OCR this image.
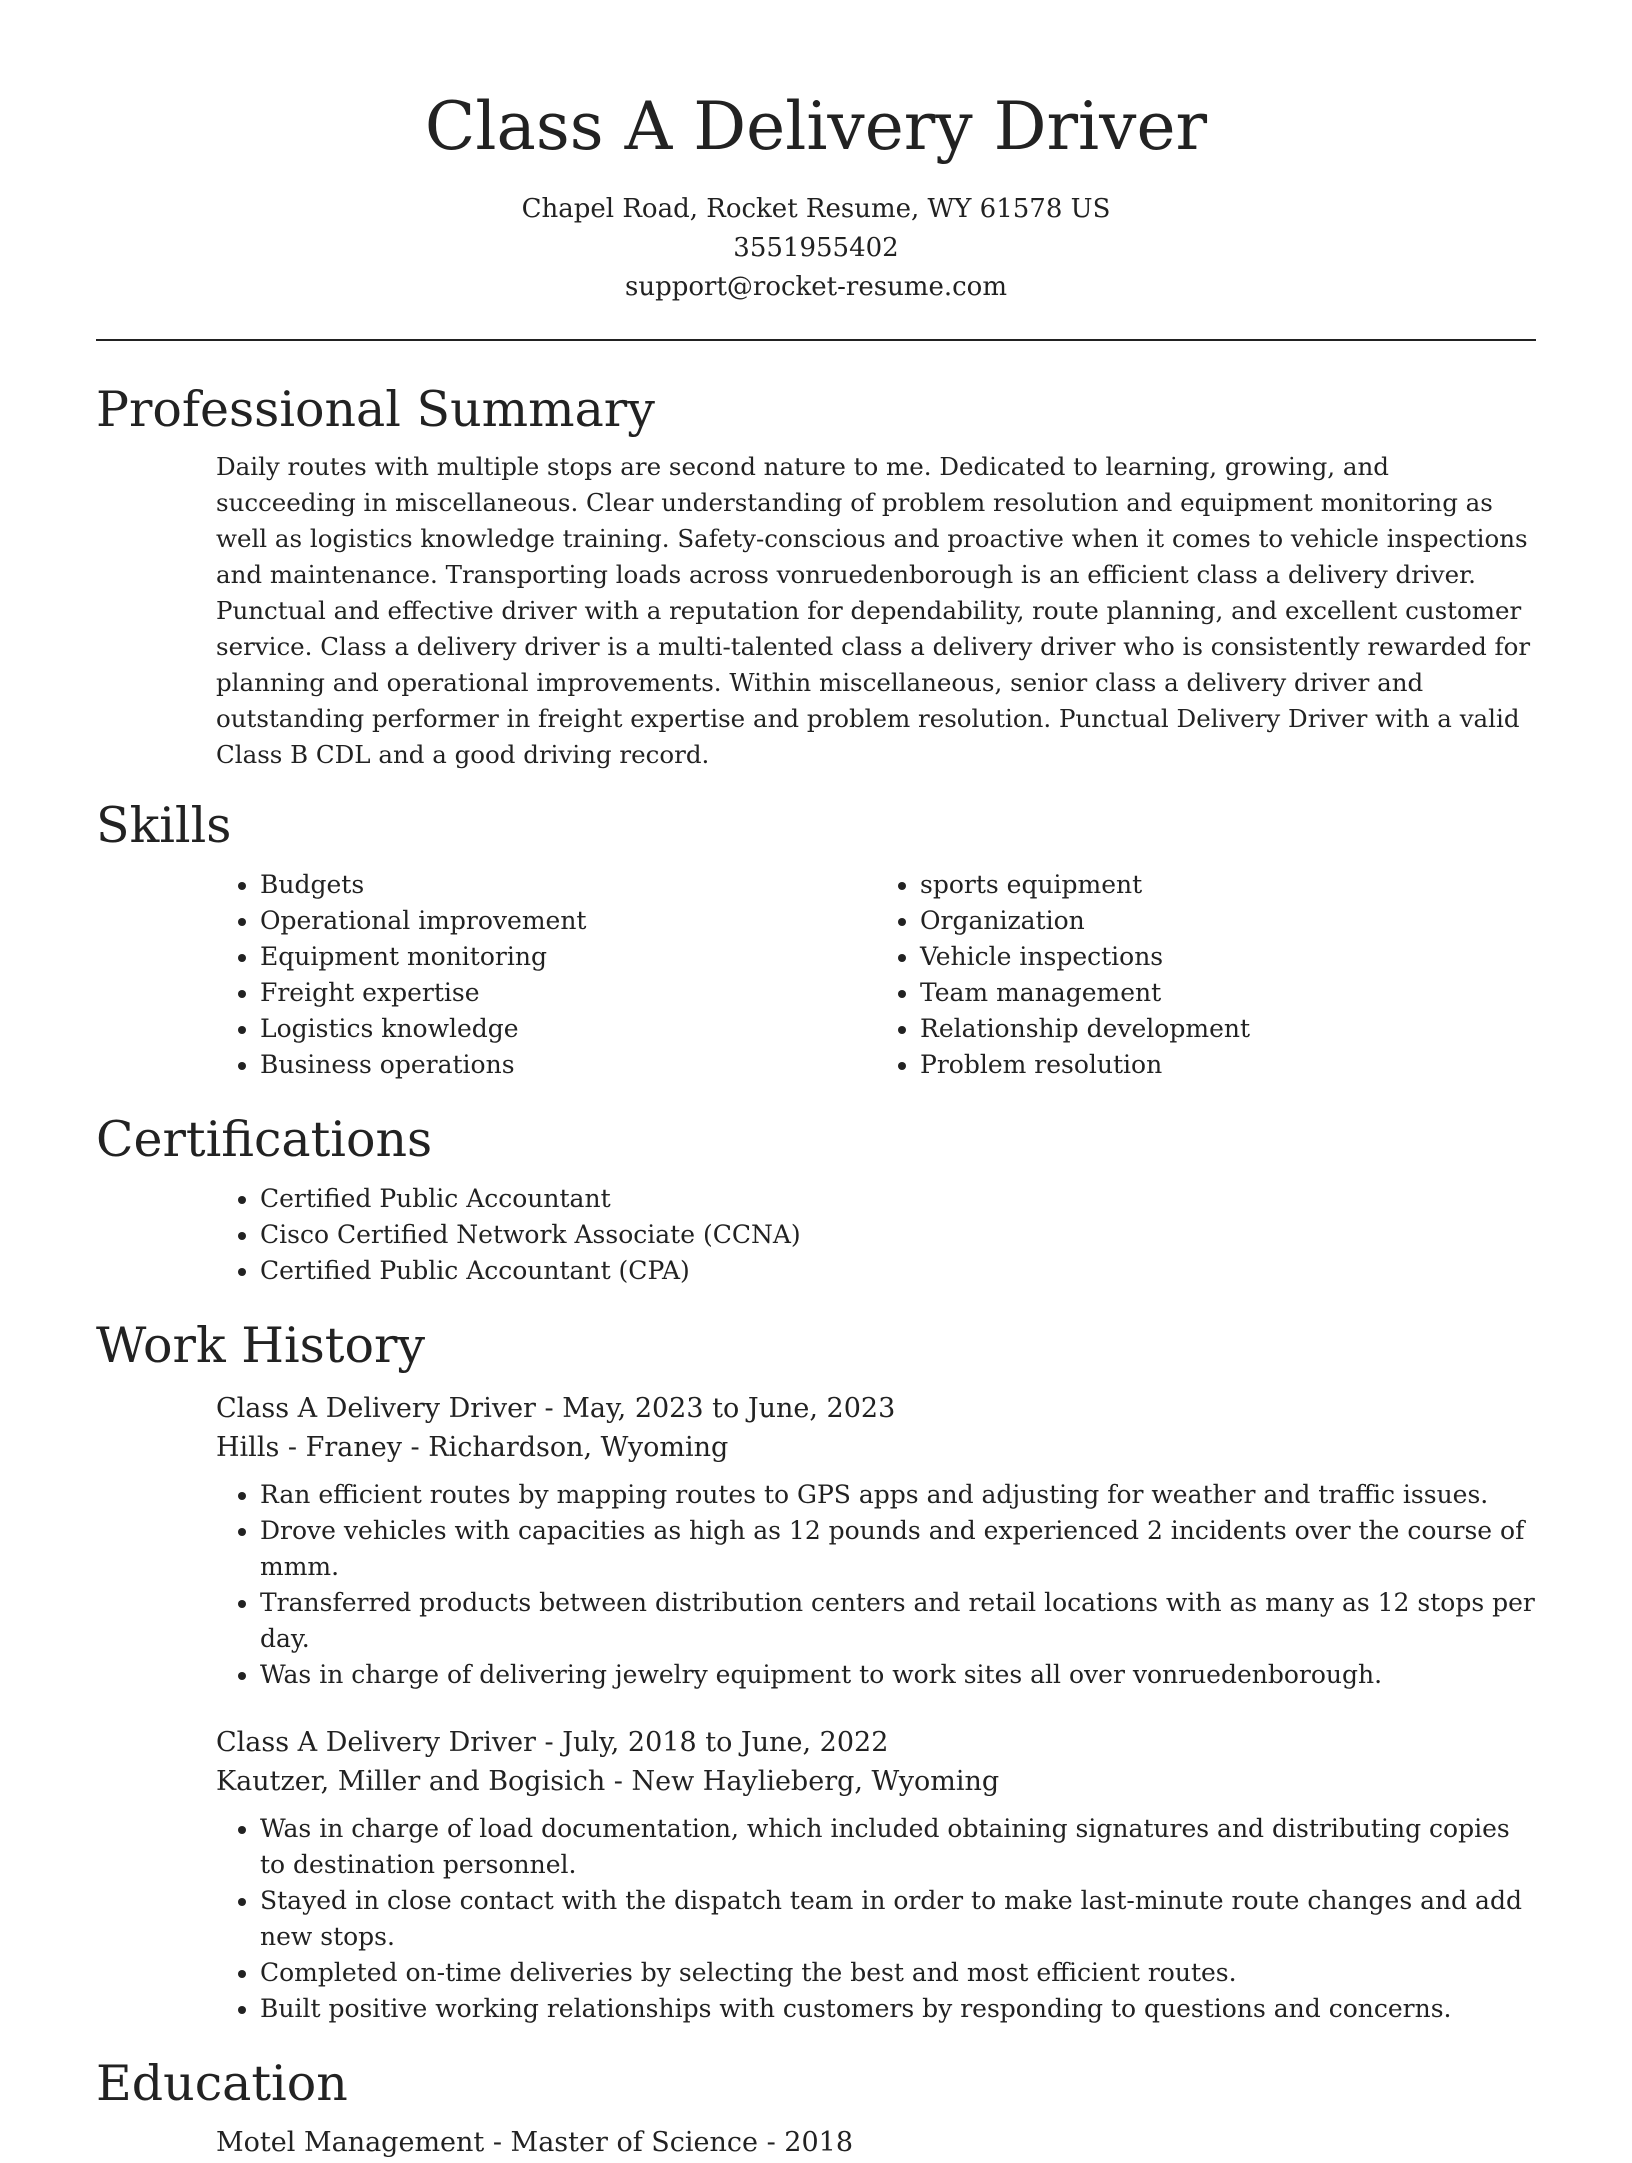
Class A Delivery Driver
Chapel Road, Rocket Resume, WY 61578 US
3551955402
support@rocket-resume.com
Professional Summary

Daily routes with multiple stops are second nature to me. Dedicated to learning, growing, and succeeding in miscellaneous. Clear understanding of problem resolution and equipment monitoring as well as logistics knowledge training. Safety-conscious and proactive when it comes to vehicle inspections and maintenance. Transporting loads across vonruedenborough is an efficient class a delivery driver. Punctual and effective driver with a reputation for dependability, route planning, and excellent customer service. Class a delivery driver is a multi-talented class a delivery driver who is consistently rewarded for planning and operational improvements. Within miscellaneous, senior class a delivery driver and outstanding performer in freight expertise and problem resolution. Punctual Delivery Driver with a valid Class B CDL and a good driving record.

Skills
• Budgets
• Operational improvement
• Equipment monitoring
• Freight expertise
• Logistics knowledge
• Business operations
• sports equipment
• Organization
• Vehicle inspections
• Team management
• Relationship development
• Problem resolution
Certifications
• Certified Public Accountant
• Cisco Certified Network Associate (CCNA)
• Certified Public Accountant (CPA)
Work History

Class A Delivery Driver - May, 2023 to June, 2023

Hills - Franey - Richardson, Wyoming

• Ran efficient routes by mapping routes to GPS apps and adjusting for weather and traffic issues.
• Drove vehicles with capacities as high as 12 pounds and experienced 2 incidents over the course of mmm.
• Transferred products between distribution centers and retail locations with as many as 12 stops per day.
• Was in charge of delivering jewelry equipment to work sites all over vonruedenborough.

Class A Delivery Driver - July, 2018 to June, 2022

Kautzer, Miller and Bogisich - New Haylieberg, Wyoming

• Was in charge of load documentation, which included obtaining signatures and distributing copies to destination personnel.
• Stayed in close contact with the dispatch team in order to make last-minute route changes and add new stops.
• Completed on-time deliveries by selecting the best and most efficient routes.
• Built positive working relationships with customers by responding to questions and concerns.
Education

Motel Management - Master of Science - 2018
